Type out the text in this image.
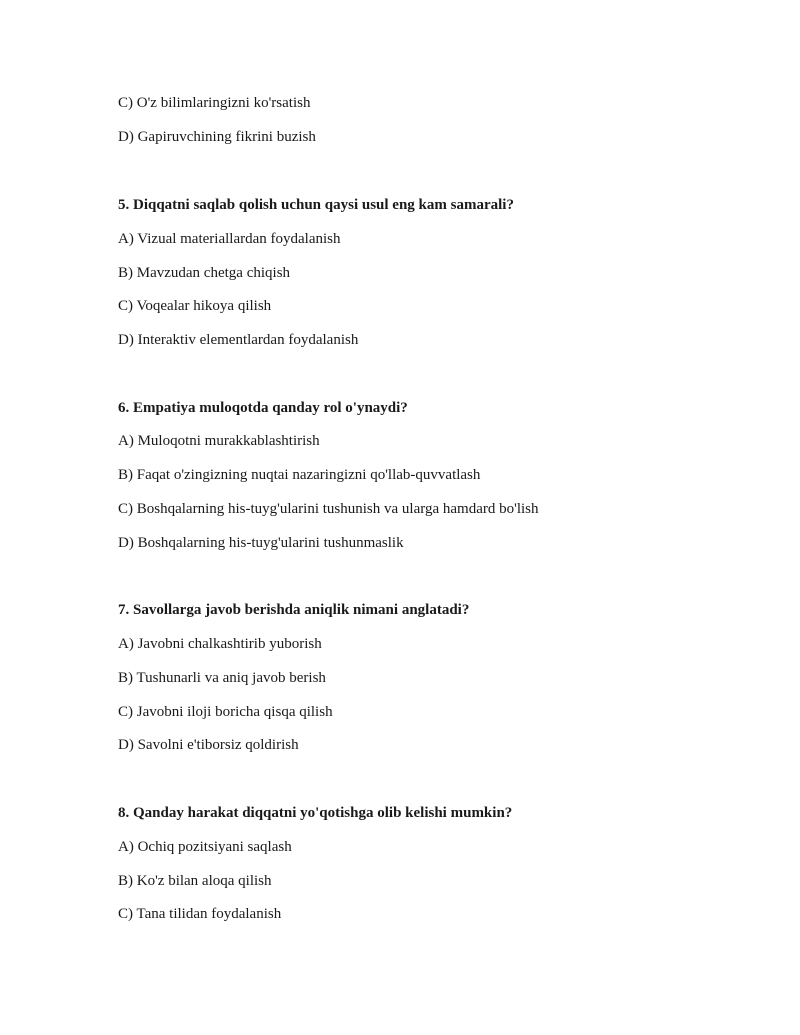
C) O'z bilimlaringizni ko'rsatish
D) Gapiruvchining fikrini buzish
5. Diqqatni saqlab qolish uchun qaysi usul eng kam samarali?
A) Vizual materiallardan foydalanish
B) Mavzudan chetga chiqish
C) Voqealar hikoya qilish
D) Interaktiv elementlardan foydalanish
6. Empatiya muloqotda qanday rol o'ynaydi?
A) Muloqotni murakkablashtirish
B) Faqat o'zingizning nuqtai nazaringizni qo'llab-quvvatlash
C) Boshqalarning his-tuyg'ularini tushunish va ularga hamdard bo'lish
D) Boshqalarning his-tuyg'ularini tushunmaslik
7. Savollarga javob berishda aniqlik nimani anglatadi?
A) Javobni chalkashtirib yuborish
B) Tushunarli va aniq javob berish
C) Javobni iloji boricha qisqa qilish
D) Savolni e'tiborsiz qoldirish
8. Qanday harakat diqqatni yo'qotishga olib kelishi mumkin?
A) Ochiq pozitsiyani saqlash
B) Ko'z bilan aloqa qilish
C) Tana tilidan foydalanish
